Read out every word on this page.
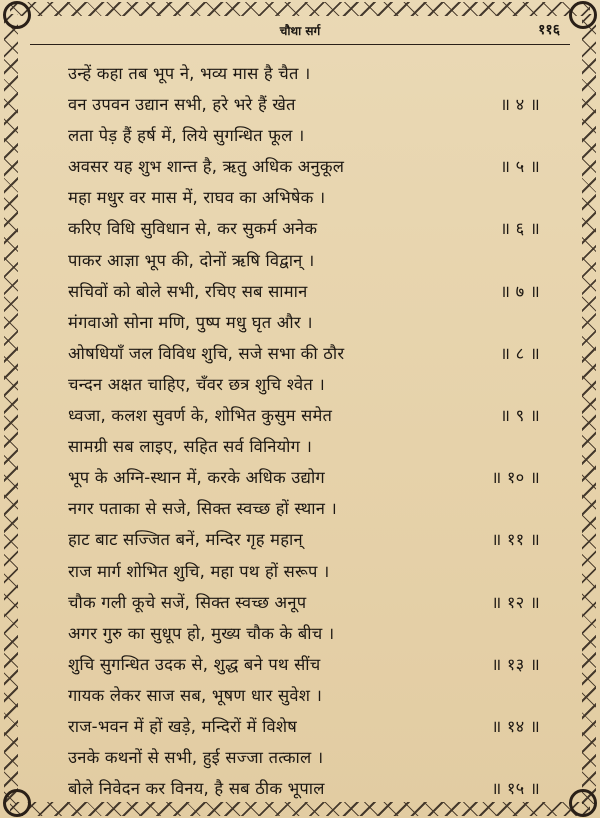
चौथा सर्ग	११६
उन्हें कहा तब भूप ने, भव्य मास है चैत ।
वन उपवन उद्यान सभी, हरे भरे हैं खेत	॥ ४ ॥
लता पेड़ हैं हर्ष में, लिये सुगन्धित फूल ।
अवसर यह शुभ शान्त है, ऋतु अधिक अनुकूल	॥ ५ ॥
महा मधुर वर मास में, राघव का अभिषेक ।
करिए विधि सुविधान से, कर सुकर्म अनेक	॥ ६ ॥
पाकर आज्ञा भूप की, दोनों ऋषि विद्वान् ।
सचिवों को बोले सभी, रचिए सब सामान	॥ ७ ॥
मंगवाओ सोना मणि, पुष्प मधु घृत और ।
ओषधियाँ जल विविध शुचि, सजे सभा की ठौर	॥ ८ ॥
चन्दन अक्षत चाहिए, चँवर छत्र शुचि श्वेत ।
ध्वजा, कलश सुवर्ण के, शोभित कुसुम समेत	॥ ९ ॥
सामग्री सब लाइए, सहित सर्व विनियोग ।
भूप के अग्नि-स्थान में, करके अधिक उद्योग	॥ १० ॥
नगर पताका से सजे, सिक्त स्वच्छ हों स्थान ।
हाट बाट सज्जित बनें, मन्दिर गृह महान्	॥ ११ ॥
राज मार्ग शोभित शुचि, महा पथ हों सरूप ।
चौक गली कूचे सजें, सिक्त स्वच्छ अनूप	॥ १२ ॥
अगर गुरु का सुधूप हो, मुख्य चौक के बीच ।
शुचि सुगन्धित उदक से, शुद्ध बने पथ सींच	॥ १३ ॥
गायक लेकर साज सब, भूषण धार सुवेश ।
राज-भवन में हों खड़े, मन्दिरों में विशेष	॥ १४ ॥
उनके कथनों से सभी, हुई सज्जा तत्काल ।
बोले निवेदन कर विनय, है सब ठीक भूपाल	॥ १५ ॥
